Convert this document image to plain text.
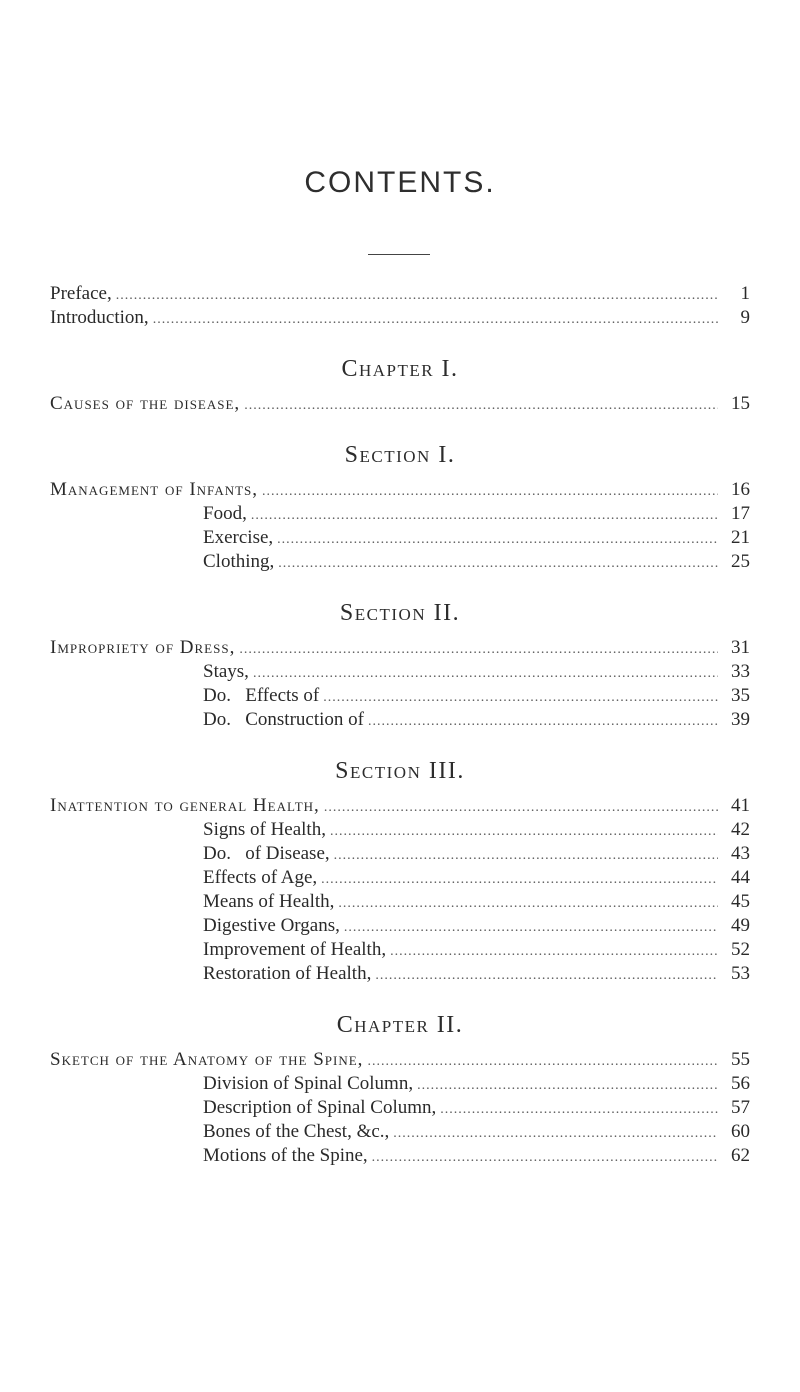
CONTENTS.
Preface, .....	1
Introduction, .....	9
Chapter I.
Causes of the disease, .....	15
Section I.
Management of Infants, .....	16
Food, .....	17
Exercise, .....	21
Clothing, .....	25
Section II.
Impropriety of Dress, .....	31
Stays, .....	33
Do.   Effects of .....	35
Do.   Construction of .....	39
Section III.
Inattention to general Health, .....	41
Signs of Health, .....	42
Do.   of Disease, .....	43
Effects of Age, .....	44
Means of Health, .....	45
Digestive Organs, .....	49
Improvement of Health, .....	52
Restoration of Health, .....	53
Chapter II.
Sketch of the Anatomy of the Spine, .....	55
Division of Spinal Column, .....	56
Description of Spinal Column, .....	57
Bones of the Chest, &c., .....	60
Motions of the Spine, .....	62
